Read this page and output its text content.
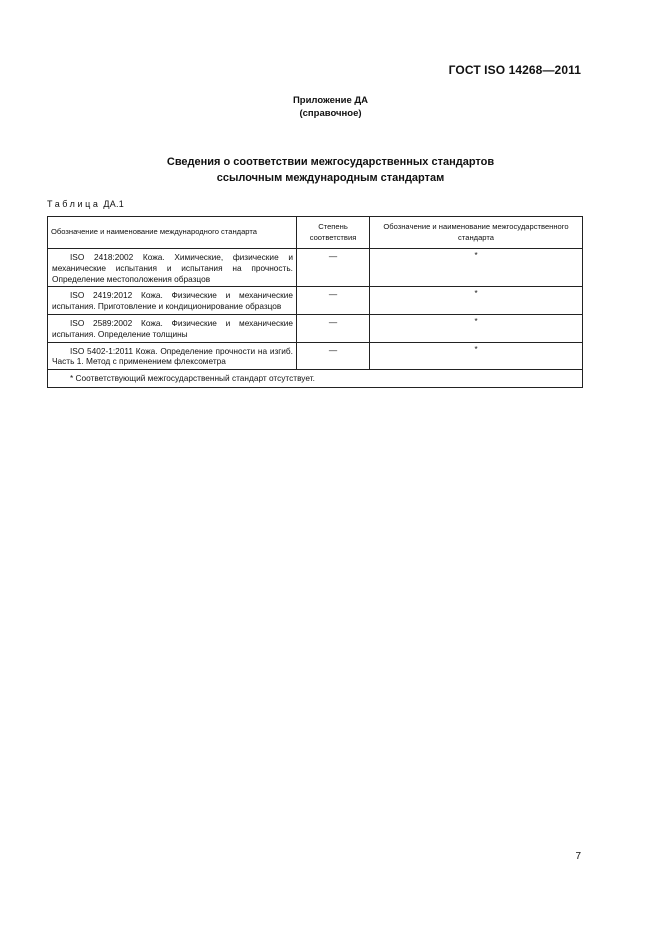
ГОСТ ISO 14268—2011
Приложение ДА
(справочное)
Сведения о соответствии межгосударственных стандартов
ссылочным международным стандартам
Таблица ДА.1
Обозначение и наименование международного стандарта	Степень соответствия	Обозначение и наименование межгосударственного стандарта
ISO 2418:2002 Кожа. Химические, физические и механические испытания и испытания на прочность. Определение местоположения образцов	—	*
ISO 2419:2012 Кожа. Физические и механические испытания. Приготовление и кондиционирование образцов	—	*
ISO 2589:2002 Кожа. Физические и механические испытания. Определение толщины	—	*
ISO 5402-1:2011 Кожа. Определение прочности на изгиб. Часть 1. Метод с применением флексометра	—	*
* Соответствующий межгосударственный стандарт отсутствует.		
7
